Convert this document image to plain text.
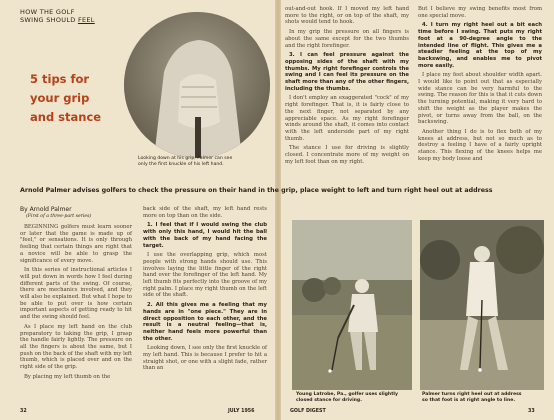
HOW THE GOLF
SWING SHOULD FEEL
5 tips for
your grip
and stance
Looking down at his grip, Palmer can see
only the first knuckle of his left hand.
Arnold Palmer advises golfers to check the pressure on their hand in the grip, place weight to left and turn right heel out at address
By Arnold Palmer
(First of a three-part series)

BEGINNING golfers must learn sooner or later that the game is made up of "feel," or sensations. It is only through feeling that certain things are right that a novice will be able to grasp the significance of every move.

In this series of instructional articles I will put down in words how I feel during different parts of the swing. Of course, there are mechanics involved, and they will also be explained. But what I hope to be able to put over is how certain important aspects of getting ready to hit and the swing should feel.

As I place my left hand on the club preparatory to taking the grip, I grasp the handle fairly lightly. The pressure on all the fingers is about the same, but I push on the back of the shaft with my left thumb, which is placed over and on the right side of the grip.

By placing my left thumb on the

back side of the shaft, my left hand rests more on top than on the side.

1. I feel that if I would swing the club with only this hand, I would hit the ball with the back of my hand facing the target.

I use the overlapping grip, which most people with strong hands should use. This involves laying the little finger of the right hand over the forefinger of the left hand. My left thumb fits perfectly into the groove of my right palm. I place my right thumb on the left side of the shaft.

2. All this gives me a feeling that my hands are in "one piece." They are in direct opposition to each other, and the result is a neutral feeling—that is, neither hand feels more powerful than the other.

Looking down, I see only the first knuckle of my left hand. This is because I prefer to hit a straight shot, or one with a slight fade, rather than an

out-and-out hook. If I moved my left hand more to the right, or on top of the shaft, my shots would tend to hook.

In my grip the pressure on all fingers is about the same except for the two thumbs and the right forefinger.

3. I can feel pressure against the opposing sides of the shaft with my thumbs. My right forefinger controls the swing and I can feel its pressure on the shaft more than any of the other fingers, including the thumbs.

I don't employ an exaggerated "cock" of my right forefinger. That is, it is fairly close to the next finger, not separated by any appreciable space. As my right forefinger winds around the shaft, it comes into contact with the left underside part of my right thumb.

The stance I use for driving is slightly closed. I concentrate more of my weight on my left foot than on my right.

But I believe my swing benefits most from one special move.

4. I turn my right heel out a bit each time before I swing. That puts my right foot at a 90-degree angle to the intended line of flight. This gives me a steadier feeling at the top of my backswing, and enables me to pivot more easily.

I place my feet about shoulder width apart. I would like to point out that as especially wide stance can be very harmful to the swing. The reason for this is that it cuts down the turning potential, making it very hard to shift the weight as the player makes the pivot, or turns away from the ball, on the backswing.

Another thing I do is to flex both of my knees at address, but not so much as to destroy a feeling I have of a fairly upright stance. This flexing of the knees helps me keep my body loose and

Young Latrobe, Pa., golfer uses slightly
closed stance for driving.
Palmer turns right heel out at address
so that foot is at right angle to line.
32	JULY 1956	GOLF DIGEST	33
